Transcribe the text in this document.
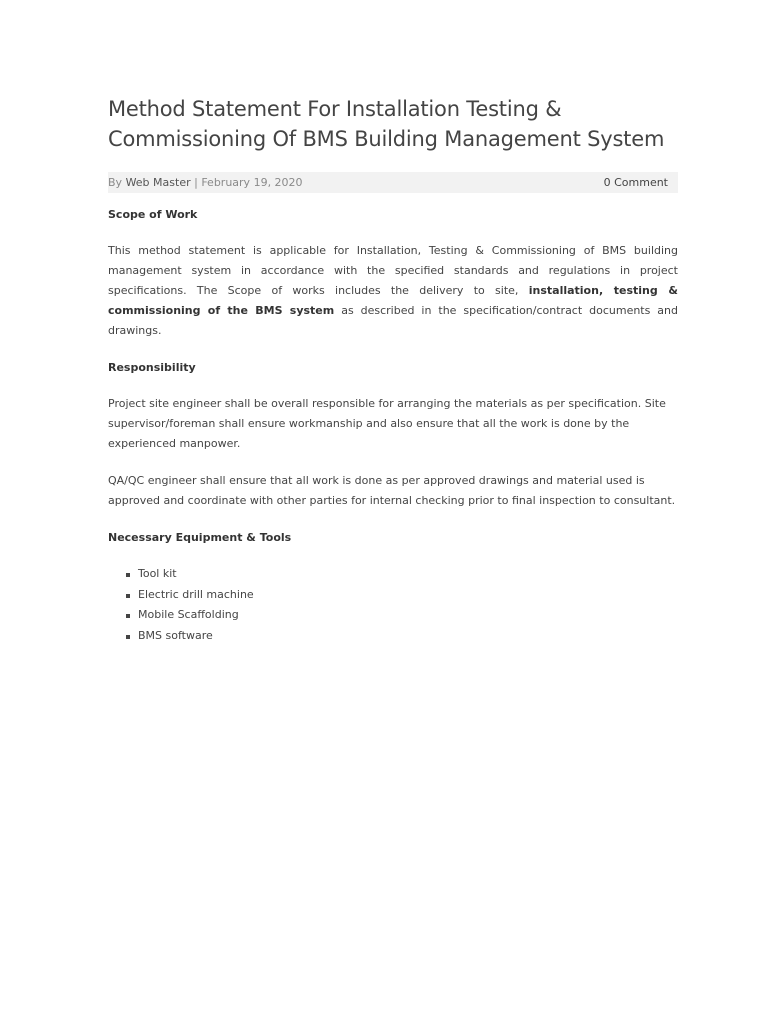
Method Statement For Installation Testing & Commissioning Of BMS Building Management System
By Web Master | February 19, 2020	0 Comment

Scope of Work

This method statement is applicable for Installation, Testing & Commissioning of BMS building management system in accordance with the specified standards and regulations in project specifications. The Scope of works includes the delivery to site, installation, testing & commissioning of the BMS system as described in the specification/contract documents and drawings.

Responsibility

Project site engineer shall be overall responsible for arranging the materials as per specification. Site supervisor/foreman shall ensure workmanship and also ensure that all the work is done by the experienced manpower.

QA/QC engineer shall ensure that all work is done as per approved drawings and material used is approved and coordinate with other parties for internal checking prior to final inspection to consultant.

Necessary Equipment & Tools

Tool kit
Electric drill machine
Mobile Scaffolding
BMS software
